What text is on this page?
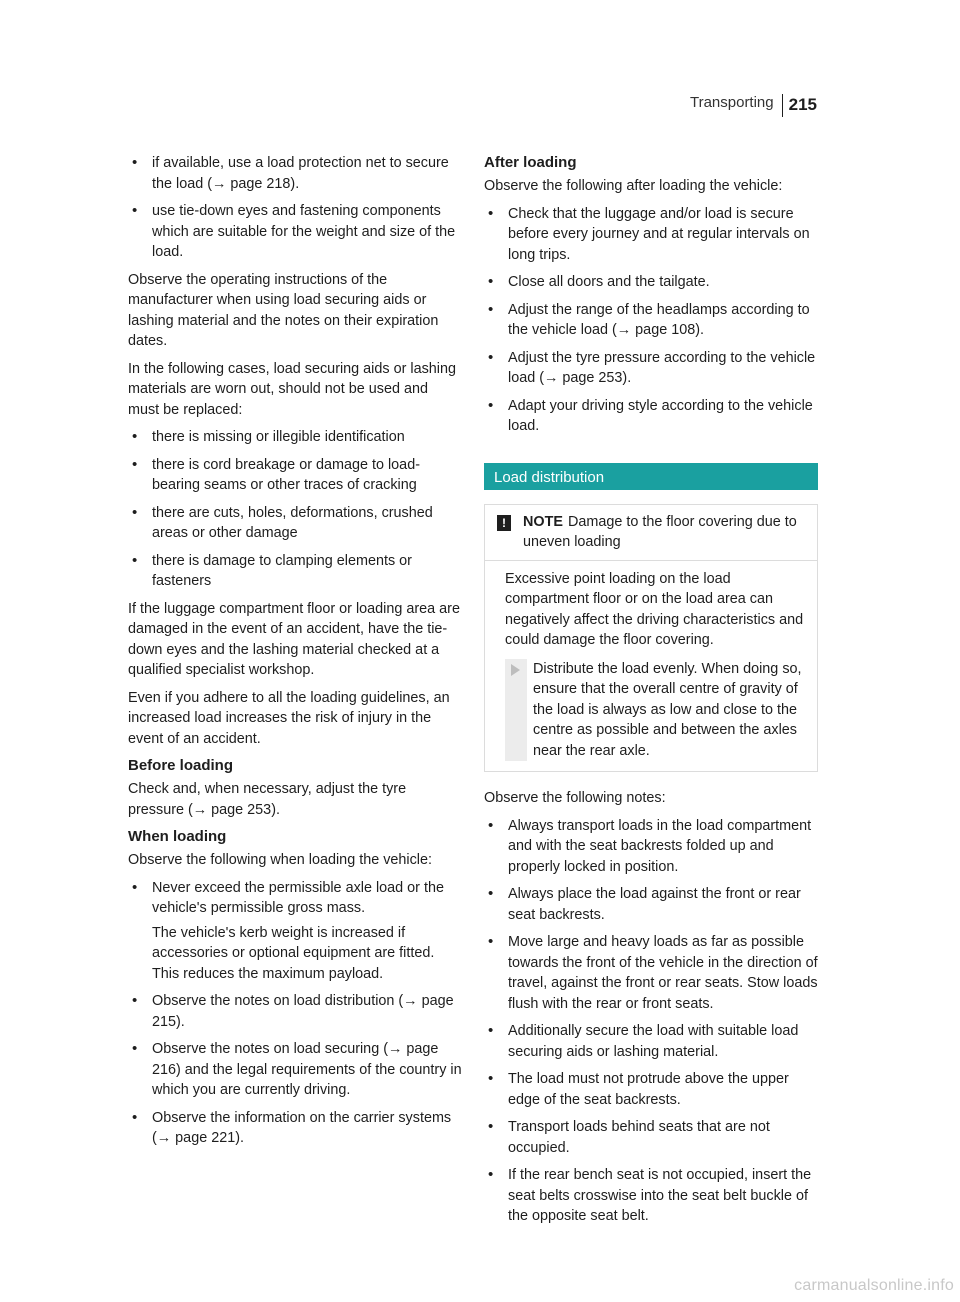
Transporting 215
• if available, use a load protection net to secure the load (→ page 218).
• use tie-down eyes and fastening components which are suitable for the weight and size of the load.

Observe the operating instructions of the manufacturer when using load securing aids or lashing material and the notes on their expiration dates.

In the following cases, load securing aids or lashing materials are worn out, should not be used and must be replaced:

• there is missing or illegible identification
• there is cord breakage or damage to load-bearing seams or other traces of cracking
• there are cuts, holes, deformations, crushed areas or other damage
• there is damage to clamping elements or fasteners

If the luggage compartment floor or loading area are damaged in the event of an accident, have the tie-down eyes and the lashing material checked at a qualified specialist workshop.

Even if you adhere to all the loading guidelines, an increased load increases the risk of injury in the event of an accident.

Before loading

Check and, when necessary, adjust the tyre pressure (→ page 253).

When loading

Observe the following when loading the vehicle:

• Never exceed the permissible axle load or the vehicle's permissible gross mass.

The vehicle's kerb weight is increased if accessories or optional equipment are fitted. This reduces the maximum payload.

• Observe the notes on load distribution (→ page 215).
• Observe the notes on load securing (→ page 216) and the legal requirements of the country in which you are currently driving.
• Observe the information on the carrier systems (→ page 221).
After loading

Observe the following after loading the vehicle:

• Check that the luggage and/or load is secure before every journey and at regular intervals on long trips.
• Close all doors and the tailgate.
• Adjust the range of the headlamps according to the vehicle load (→ page 108).
• Adjust the tyre pressure according to the vehicle load (→ page 253).
• Adapt your driving style according to the vehicle load.
Load distribution
!	NOTE Damage to the floor covering due to uneven loading
Excessive point loading on the load compartment floor or on the load area can negatively affect the driving characteristics and could damage the floor covering.
Distribute the load evenly. When doing so, ensure that the overall centre of gravity of the load is always as low and close to the centre as possible and between the axles near the rear axle.

Observe the following notes:

• Always transport loads in the load compartment and with the seat backrests folded up and properly locked in position.
• Always place the load against the front or rear seat backrests.
• Move large and heavy loads as far as possible towards the front of the vehicle in the direction of travel, against the front or rear seats. Stow loads flush with the rear or front seats.
• Additionally secure the load with suitable load securing aids or lashing material.
• The load must not protrude above the upper edge of the seat backrests.
• Transport loads behind seats that are not occupied.
• If the rear bench seat is not occupied, insert the seat belts crosswise into the seat belt buckle of the opposite seat belt.
carmanualsonline.info
